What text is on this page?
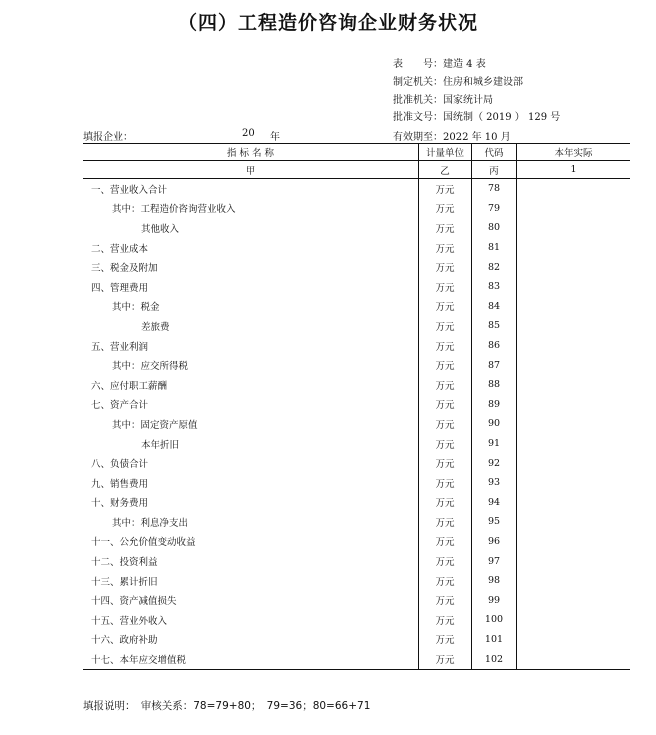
（四）工程造价咨询企业财务状况
表　　号：建造 4 表
制定机关：住房和城乡建设部
批准机关：国家统计局
批准文号：国统制（ 2019 ） 129 号
填报企业：	20 年	有效期至：2022 年 10 月
指 标 名 称	计量单位	代码	本年实际
甲	乙	丙	1
一、营业收入合计	万元	78	
其中：工程造价咨询营业收入	万元	79	
其他收入	万元	80	
二、营业成本	万元	81	
三、税金及附加	万元	82	
四、管理费用	万元	83	
其中：税金	万元	84	
差旅费	万元	85	
五、营业利润	万元	86	
其中：应交所得税	万元	87	
六、应付职工薪酬	万元	88	
七、资产合计	万元	89	
其中：固定资产原值	万元	90	
本年折旧	万元	91	
八、负债合计	万元	92	
九、销售费用	万元	93	
十、财务费用	万元	94	
其中：利息净支出	万元	95	
十一、公允价值变动收益	万元	96	
十二、投资利益	万元	97	
十三、累计折旧	万元	98	
十四、资产减值损失	万元	99	
十五、营业外收入	万元	100	
十六、政府补助	万元	101	
十七、本年应交增值税	万元	102	
填报说明：　审核关系：78=79+80；　79=36；80=66+71
